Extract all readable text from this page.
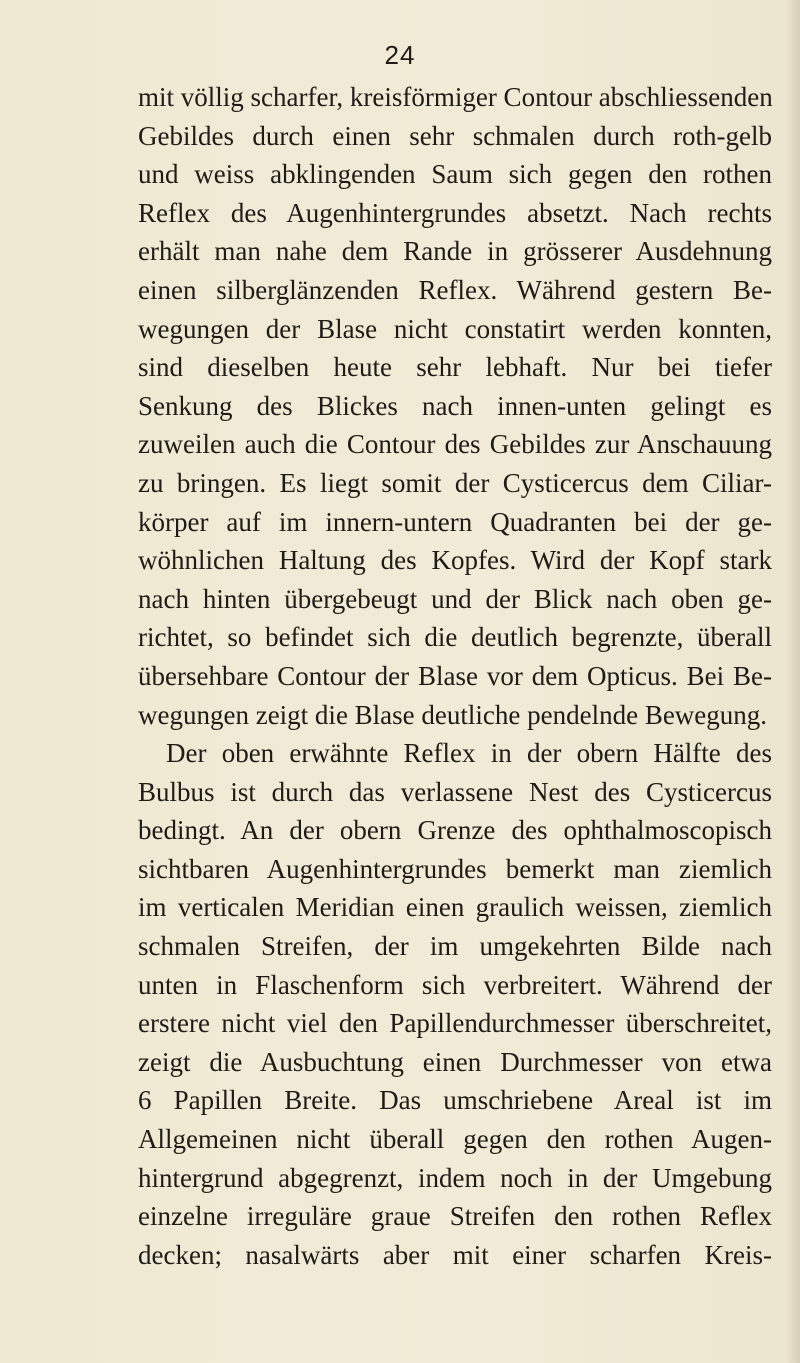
24
mit völlig scharfer, kreisförmiger Contour abschliessenden
Gebildes durch einen sehr schmalen durch roth-gelb
und weiss abklingenden Saum sich gegen den rothen
Reflex des Augenhintergrundes absetzt. Nach rechts
erhält man nahe dem Rande in grösserer Ausdehnung
einen silberglänzenden Reflex. Während gestern Be-
wegungen der Blase nicht constatirt werden konnten,
sind dieselben heute sehr lebhaft. Nur bei tiefer
Senkung des Blickes nach innen-unten gelingt es
zuweilen auch die Contour des Gebildes zur Anschauung
zu bringen. Es liegt somit der Cysticercus dem Ciliar-
körper auf im innern-untern Quadranten bei der ge-
wöhnlichen Haltung des Kopfes. Wird der Kopf stark
nach hinten übergebeugt und der Blick nach oben ge-
richtet, so befindet sich die deutlich begrenzte, überall
übersehbare Contour der Blase vor dem Opticus. Bei Be-
wegungen zeigt die Blase deutliche pendelnde Bewegung.
Der oben erwähnte Reflex in der obern Hälfte des
Bulbus ist durch das verlassene Nest des Cysticercus
bedingt. An der obern Grenze des ophthalmoscopisch
sichtbaren Augenhintergrundes bemerkt man ziemlich
im verticalen Meridian einen graulich weissen, ziemlich
schmalen Streifen, der im umgekehrten Bilde nach
unten in Flaschenform sich verbreitert. Während der
erstere nicht viel den Papillendurchmesser überschreitet,
zeigt die Ausbuchtung einen Durchmesser von etwa
6 Papillen Breite. Das umschriebene Areal ist im
Allgemeinen nicht überall gegen den rothen Augen-
hintergrund abgegrenzt, indem noch in der Umgebung
einzelne irreguläre graue Streifen den rothen Reflex
decken; nasalwärts aber mit einer scharfen Kreis-
